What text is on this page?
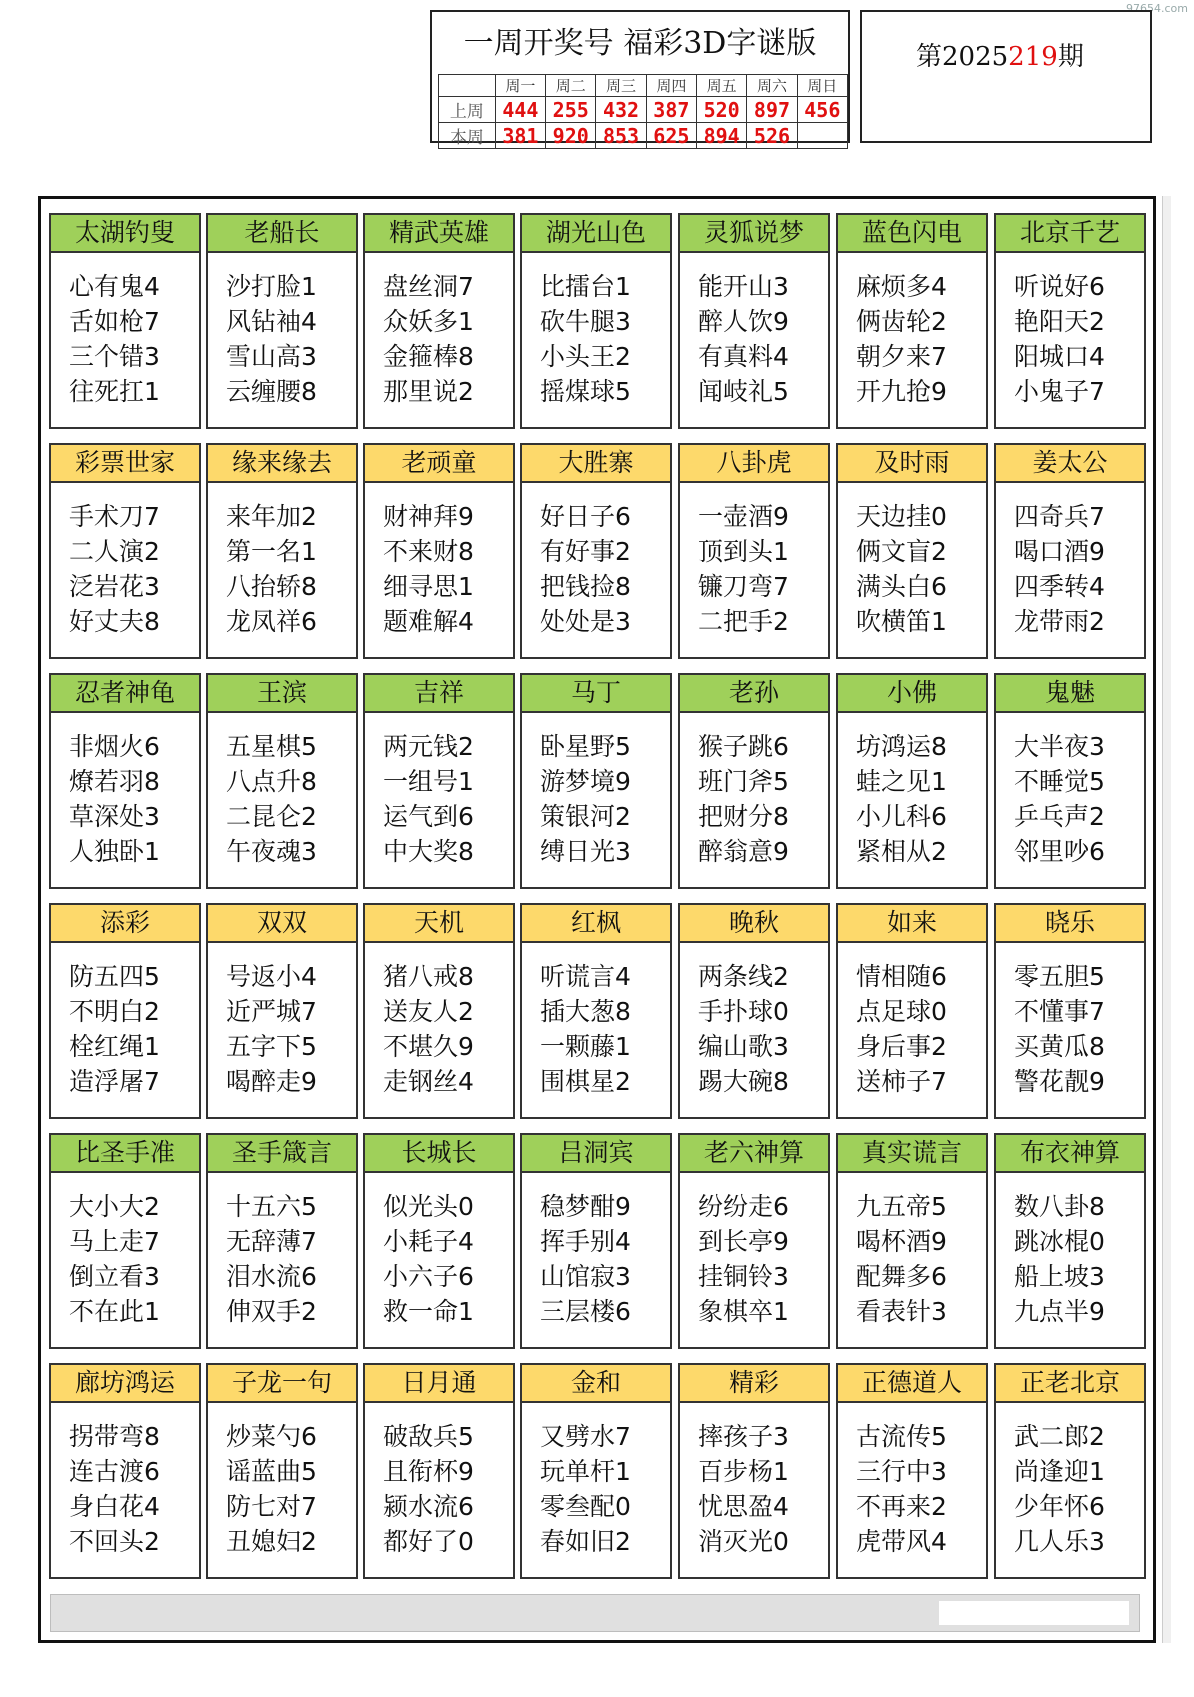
97654.com
一周开奖号 福彩3D字谜版
	周一	周二	周三	周四	周五	周六	周日
上周	444	255	432	387	520	897	456
本周	381	920	853	625	894	526	
第2025219期
太湖钓叟
心有鬼4
舌如枪7
三个错3
往死扛1
老船长
沙打脸1
风钻袖4
雪山高3
云缠腰8
精武英雄
盘丝洞7
众妖多1
金箍棒8
那里说2
湖光山色
比擂台1
砍牛腿3
小头王2
摇煤球5
灵狐说梦
能开山3
醉人饮9
有真料4
闻岐礼5
蓝色闪电
麻烦多4
俩齿轮2
朝夕来7
开九抢9
北京千艺
听说好6
艳阳天2
阳城口4
小鬼子7
彩票世家
手术刀7
二人演2
泛岩花3
好丈夫8
缘来缘去
来年加2
第一名1
八抬轿8
龙凤祥6
老顽童
财神拜9
不来财8
细寻思1
题难解4
大胜寨
好日子6
有好事2
把钱捡8
处处是3
八卦虎
一壶酒9
顶到头1
镰刀弯7
二把手2
及时雨
天边挂0
俩文盲2
满头白6
吹横笛1
姜太公
四奇兵7
喝口酒9
四季转4
龙带雨2
忍者神龟
非烟火6
燎若羽8
草深处3
人独卧1
王滨
五星棋5
八点升8
二昆仑2
午夜魂3
吉祥
两元钱2
一组号1
运气到6
中大奖8
马丁
卧星野5
游梦境9
策银河2
缚日光3
老孙
猴子跳6
班门斧5
把财分8
醉翁意9
小佛
坊鸿运8
蛙之见1
小儿科6
紧相从2
鬼魅
大半夜3
不睡觉5
乒乓声2
邻里吵6
添彩
防五四5
不明白2
栓红绳1
造浮屠7
双双
号返小4
近严城7
五字下5
喝醉走9
天机
猪八戒8
送友人2
不堪久9
走钢丝4
红枫
听谎言4
插大葱8
一颗藤1
围棋星2
晚秋
两条线2
手扑球0
编山歌3
踢大碗8
如来
情相随6
点足球0
身后事2
送柿子7
晓乐
零五胆5
不懂事7
买黄瓜8
警花靓9
比圣手准
大小大2
马上走7
倒立看3
不在此1
圣手箴言
十五六5
无辞薄7
泪水流6
伸双手2
长城长
似光头0
小耗子4
小六子6
救一命1
吕洞宾
稳梦酣9
挥手别4
山馆寂3
三层楼6
老六神算
纷纷走6
到长亭9
挂铜铃3
象棋卒1
真实谎言
九五帝5
喝杯酒9
配舞多6
看表针3
布衣神算
数八卦8
跳冰棍0
船上坡3
九点半9
廊坊鸿运
拐带弯8
连古渡6
身白花4
不回头2
子龙一句
炒菜勺6
谣蓝曲5
防七对7
丑媳妇2
日月通
破敌兵5
且衔杯9
颍水流6
都好了0
金和
又劈水7
玩单杆1
零叁配0
春如旧2
精彩
摔孩子3
百步杨1
忧思盈4
消灭光0
正德道人
古流传5
三行中3
不再来2
虎带风4
正老北京
武二郎2
尚逢迎1
少年怀6
几人乐3
